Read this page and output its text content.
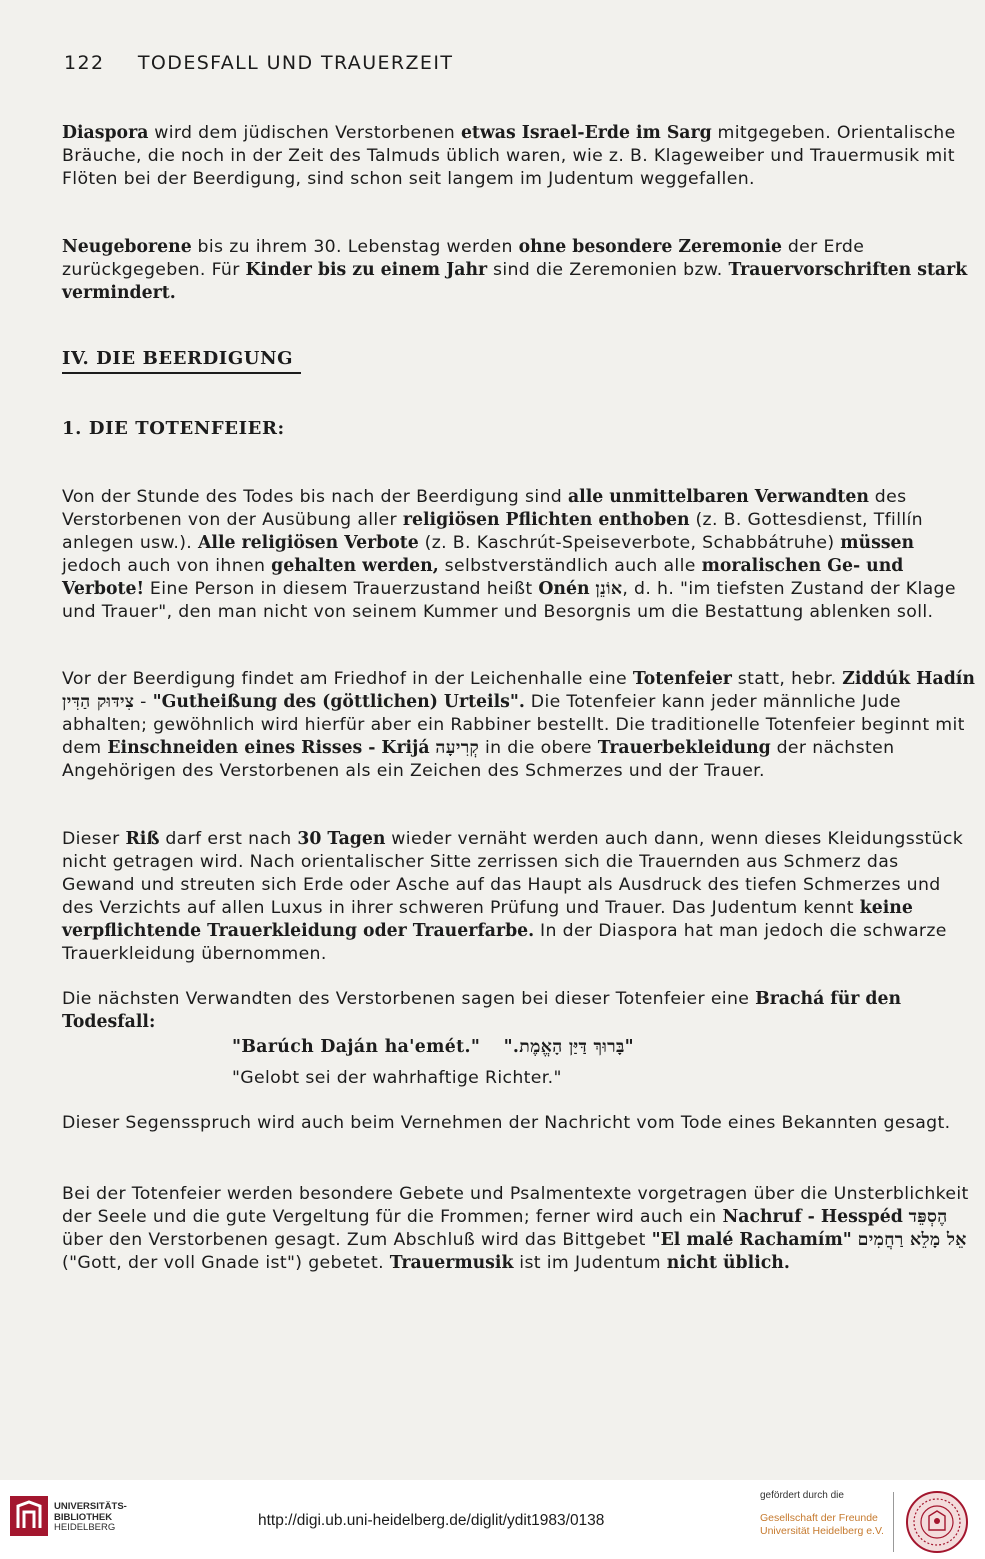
122 TODESFALL UND TRAUERZEIT

Diaspora wird dem jüdischen Verstorbenen etwas Israel-Erde im Sarg mitgegeben. Orientalische Bräuche, die noch in der Zeit des Talmuds üblich waren, wie z. B. Klageweiber und Trauermusik mit Flöten bei der Beerdigung, sind schon seit langem im Judentum weggefallen.

Neugeborene bis zu ihrem 30. Lebenstag werden ohne besondere Zeremonie der Erde zurückgegeben. Für Kinder bis zu einem Jahr sind die Zeremonien bzw. Trauervorschriften stark vermindert.

IV. DIE BEERDIGUNG
1. DIE TOTENFEIER:

Von der Stunde des Todes bis nach der Beerdigung sind alle unmittelbaren Verwandten des Verstorbenen von der Ausübung aller religiösen Pflichten enthoben (z. B. Gottesdienst, Tfillín anlegen usw.). Alle religiösen Verbote (z. B. Kaschrút-Speiseverbote, Schabbátruhe) müssen jedoch auch von ihnen gehalten werden, selbstverständlich auch alle moralischen Ge- und Verbote! Eine Person in diesem Trauerzustand heißt Onén אוֹנֵן, d. h. "im tiefsten Zustand der Klage und Trauer", den man nicht von seinem Kummer und Besorgnis um die Bestattung ablenken soll.

Vor der Beerdigung findet am Friedhof in der Leichenhalle eine Totenfeier statt, hebr. Ziddúk Hadín צִידּוּק הַדִּין - "Gutheißung des (göttlichen) Urteils". Die Totenfeier kann jeder männliche Jude abhalten; gewöhnlich wird hierfür aber ein Rabbiner bestellt. Die traditionelle Totenfeier beginnt mit dem Einschneiden eines Risses - Kriјá קְרִיעָה in die obere Trauerbekleidung der nächsten Angehörigen des Verstorbenen als ein Zeichen des Schmerzes und der Trauer.

Dieser Riß darf erst nach 30 Tagen wieder vernäht werden auch dann, wenn dieses Kleidungsstück nicht getragen wird. Nach orientalischer Sitte zerrissen sich die Trauernden aus Schmerz das Gewand und streuten sich Erde oder Asche auf das Haupt als Ausdruck des tiefen Schmerzes und des Verzichts auf allen Luxus in ihrer schweren Prüfung und Trauer. Das Judentum kennt keine verpflichtende Trauerkleidung oder Trauerfarbe. In der Diaspora hat man jedoch die schwarze Trauerkleidung übernommen.

Die nächsten Verwandten des Verstorbenen sagen bei dieser Totenfeier eine Brachá für den Todesfall:

"Barúch Daján ha'emét." "בָּרוּךְ דַּיַּן הָאֱמֶת."
"Gelobt sei der wahrhaftige Richter."

Dieser Segensspruch wird auch beim Vernehmen der Nachricht vom Tode eines Bekannten gesagt.

Bei der Totenfeier werden besondere Gebete und Psalmentexte vorgetragen über die Unsterblichkeit der Seele und die gute Vergeltung für die Frommen; ferner wird auch ein Nachruf - Hesspéd הֶסְפֵּד über den Verstorbenen gesagt. Zum Abschluß wird das Bittgebet "El malé Rachamím" אֵל מָלֵא רַחֲמִים ("Gott, der voll Gnade ist") gebetet. Trauermusik ist im Judentum nicht üblich.

UNIVERSITÄTS-
BIBLIOTHEK
HEIDELBERG	http://digi.ub.uni-heidelberg.de/diglit/ydit1983/0138
gefördert durch die
Gesellschaft der Freunde
Universität Heidelberg e.V.
